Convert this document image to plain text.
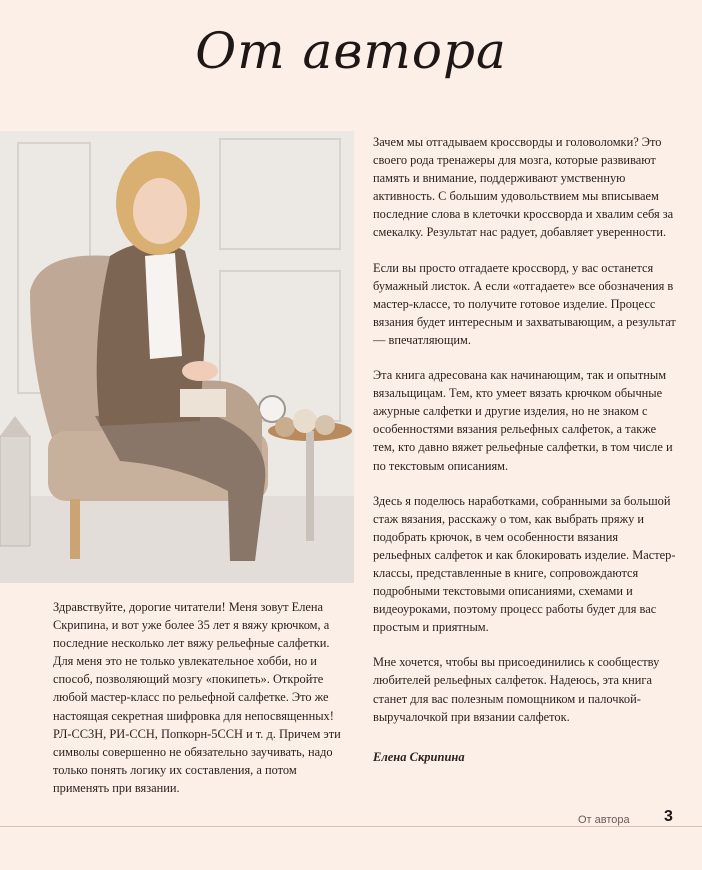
От автора

Зачем мы отгадываем кроссворды и головоломки? Это своего рода тренажеры для мозга, которые развивают память и внимание, поддерживают умственную активность. С большим удовольствием мы вписываем последние слова в клеточки кроссворда и хвалим себя за смекалку. Результат нас радует, добавляет уверенности.

Если вы просто отгадаете кроссворд, у вас останется бумажный листок. А если «отгадаете» все обозначения в мастер-классе, то получите готовое изделие. Процесс вязания будет интересным и захватывающим, а результат — впечатляющим.

Эта книга адресована как начинающим, так и опытным вязальщицам. Тем, кто умеет вязать крючком обычные ажурные салфетки и другие изделия, но не знаком с особенностями вязания рельефных салфеток, а также тем, кто давно вяжет рельефные салфетки, в том числе и по текстовым описаниям.

Здесь я поделюсь наработками, собранными за большой стаж вязания, расскажу о том, как выбрать пряжу и подобрать крючок, в чем особенности вязания рельефных салфеток и как блокировать изделие. Мастер-классы, представленные в книге, сопровождаются подробными текстовыми описаниями, схемами и видеоуроками, поэтому процесс работы будет для вас простым и приятным.

Мне хочется, чтобы вы присоединились к сообществу любителей рельефных салфеток. Надеюсь, эта книга станет для вас полезным помощником и палочкой-выручалочкой при вязании салфеток.

Здравствуйте, дорогие читатели! Меня зовут Елена Скрипина, и вот уже более 35 лет я вяжу крючком, а последние несколько лет вяжу рельефные салфетки. Для меня это не только увлекательное хобби, но и способ, позволяющий мозгу «покипеть». Откройте любой мастер-класс по рельефной салфетке. Это же настоящая секретная шифровка для непосвященных! РЛ-СС3Н, РИ-ССН, Попкорн-5ССН и т. д. Причем эти символы совершенно не обязательно заучивать, надо только понять логику их составления, а потом применять при вязании.

Елена Скрипина
От автора 3
